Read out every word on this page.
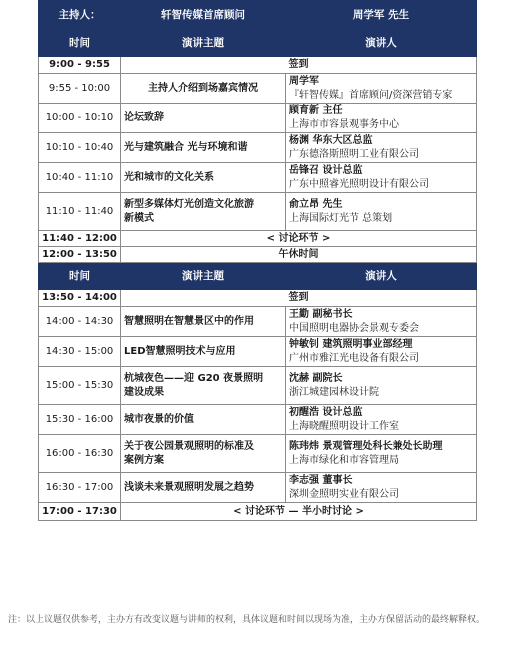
主持人：	轩智传媒首席顾问	周学军 先生
时间	演讲主题	演讲人
9:00 - 9:55	签到	
9:55 - 10:00	主持人介绍到场嘉宾情况	周学军
『轩智传媒』首席顾问/资深营销专家

10:00 - 10:10	论坛致辞	顾育新 主任
上海市市容景观事务中心

10:10 - 10:40	光与建筑融合 光与环境和谐	杨渊 华东大区总监
广东德洛斯照明工业有限公司

10:40 - 11:10	光和城市的文化关系	岳锋召 设计总监
广东中照睿光照明设计有限公司

11:10 - 11:40	新型多媒体灯光创造文化旅游
新模式	俞立昂 先生
上海国际灯光节 总策划

11:40 - 12:00	< 讨论环节 >	
12:00 - 13:50	午休时间	
时间	演讲主题	演讲人
13:50 - 14:00	签到	
14:00 - 14:30	智慧照明在智慧景区中的作用	王勤 副秘书长
中国照明电器协会景观专委会

14:30 - 15:00	LED智慧照明技术与应用	钟敏钊 建筑照明事业部经理
广州市雅江光电设备有限公司

15:00 - 15:30	杭城夜色——迎 G20 夜景照明
建设成果	沈赫 副院长
浙江城建园林设计院

15:30 - 16:00	城市夜景的价值	初醒浩 设计总监
上海晓醒照明设计工作室

16:00 - 16:30	关于夜公园景观照明的标准及
案例方案	陈玮炜 景观管理处科长兼处长助理
上海市绿化和市容管理局

16:30 - 17:00	浅谈未来景观照明发展之趋势	李志强 董事长
深圳金照明实业有限公司

17:00 - 17:30	< 讨论环节 — 半小时讨论 >	
注：以上议题仅供参考，主办方有改变议题与讲师的权利，具体议题和时间以现场为准，主办方保留活动的最终解释权。
